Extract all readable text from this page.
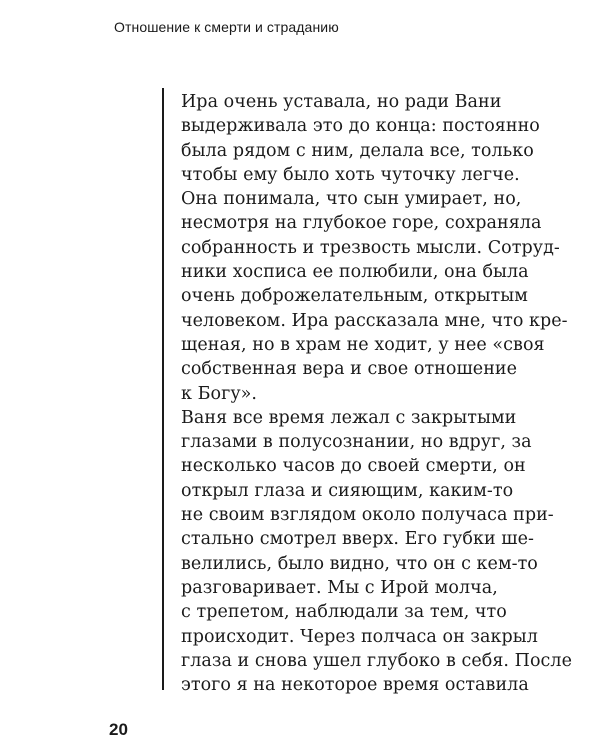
Отношение к смерти и страданию
Ира очень уставала, но ради Вани
выдерживала это до конца: постоянно
была рядом с ним, делала все, только
чтобы ему было хоть чуточку легче.
Она понимала, что сын умирает, но,
несмотря на глубокое горе, сохраняла
собранность и трезвость мысли. Сотруд-
ники хосписа ее полюбили, она была
очень доброжелательным, открытым
человеком. Ира рассказала мне, что кре-
щеная, но в храм не ходит, у нее «своя
собственная вера и свое отношение
к Богу».
Ваня все время лежал с закрытыми
глазами в полусознании, но вдруг, за
несколько часов до своей смерти, он
открыл глаза и сияющим, каким-то
не своим взглядом около получаса при-
стально смотрел вверх. Его губки ше-
велились, было видно, что он с кем-то
разговаривает. Мы с Ирой молча,
с трепетом, наблюдали за тем, что
происходит. Через полчаса он закрыл
глаза и снова ушел глубоко в себя. После
этого я на некоторое время оставила
20
